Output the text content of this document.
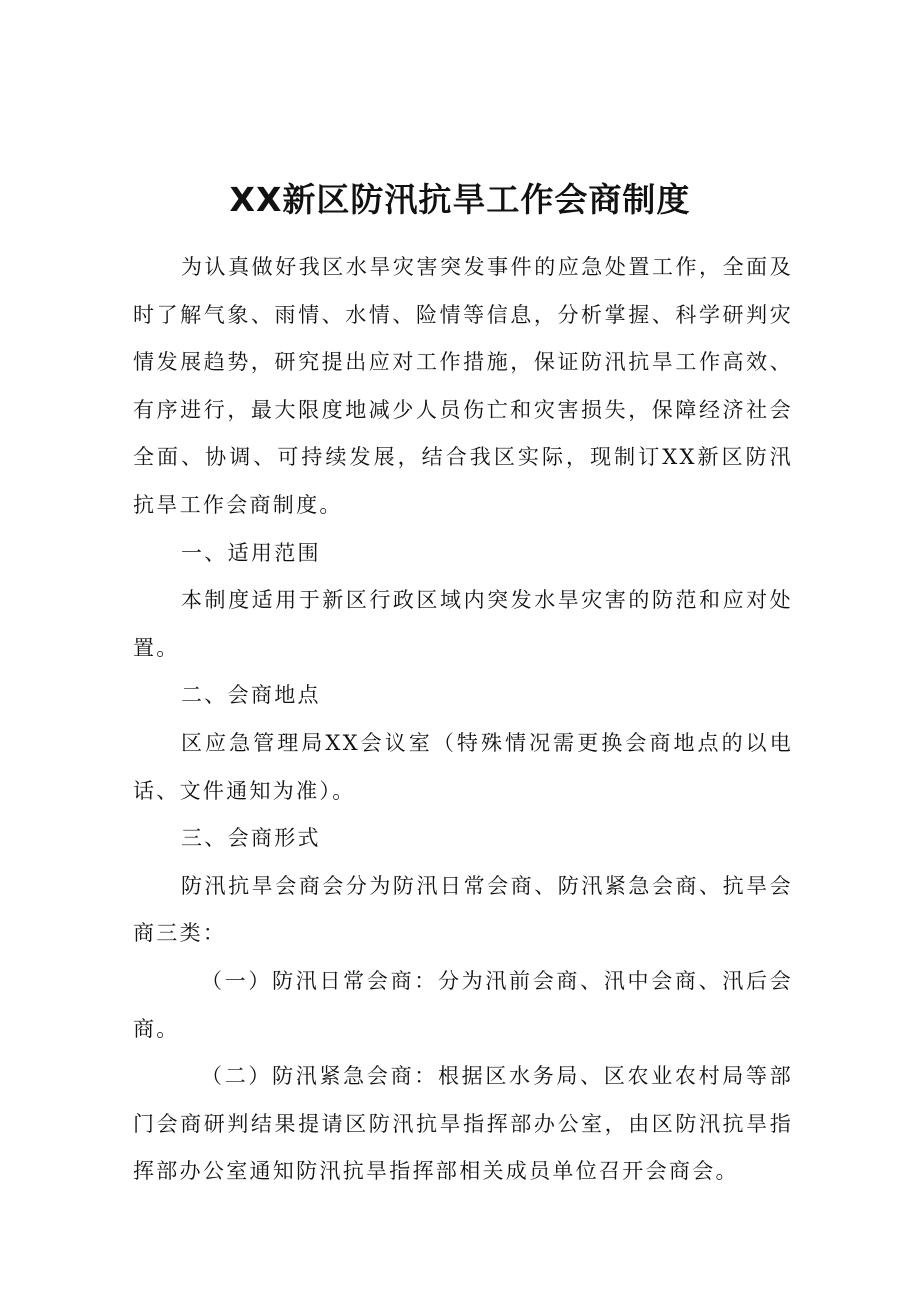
XX新区防汛抗旱工作会商制度

为认真做好我区水旱灾害突发事件的应急处置工作，全面及时了解气象、雨情、水情、险情等信息，分析掌握、科学研判灾情发展趋势，研究提出应对工作措施，保证防汛抗旱工作高效、有序进行，最大限度地减少人员伤亡和灾害损失，保障经济社会全面、协调、可持续发展，结合我区实际，现制订XX新区防汛抗旱工作会商制度。

一、适用范围

本制度适用于新区行政区域内突发水旱灾害的防范和应对处置。

二、会商地点

区应急管理局XX会议室（特殊情况需更换会商地点的以电话、文件通知为准）。

三、会商形式

防汛抗旱会商会分为防汛日常会商、防汛紧急会商、抗旱会商三类：

（一）防汛日常会商：分为汛前会商、汛中会商、汛后会商。

（二）防汛紧急会商：根据区水务局、区农业农村局等部门会商研判结果提请区防汛抗旱指挥部办公室，由区防汛抗旱指挥部办公室通知防汛抗旱指挥部相关成员单位召开会商会。
